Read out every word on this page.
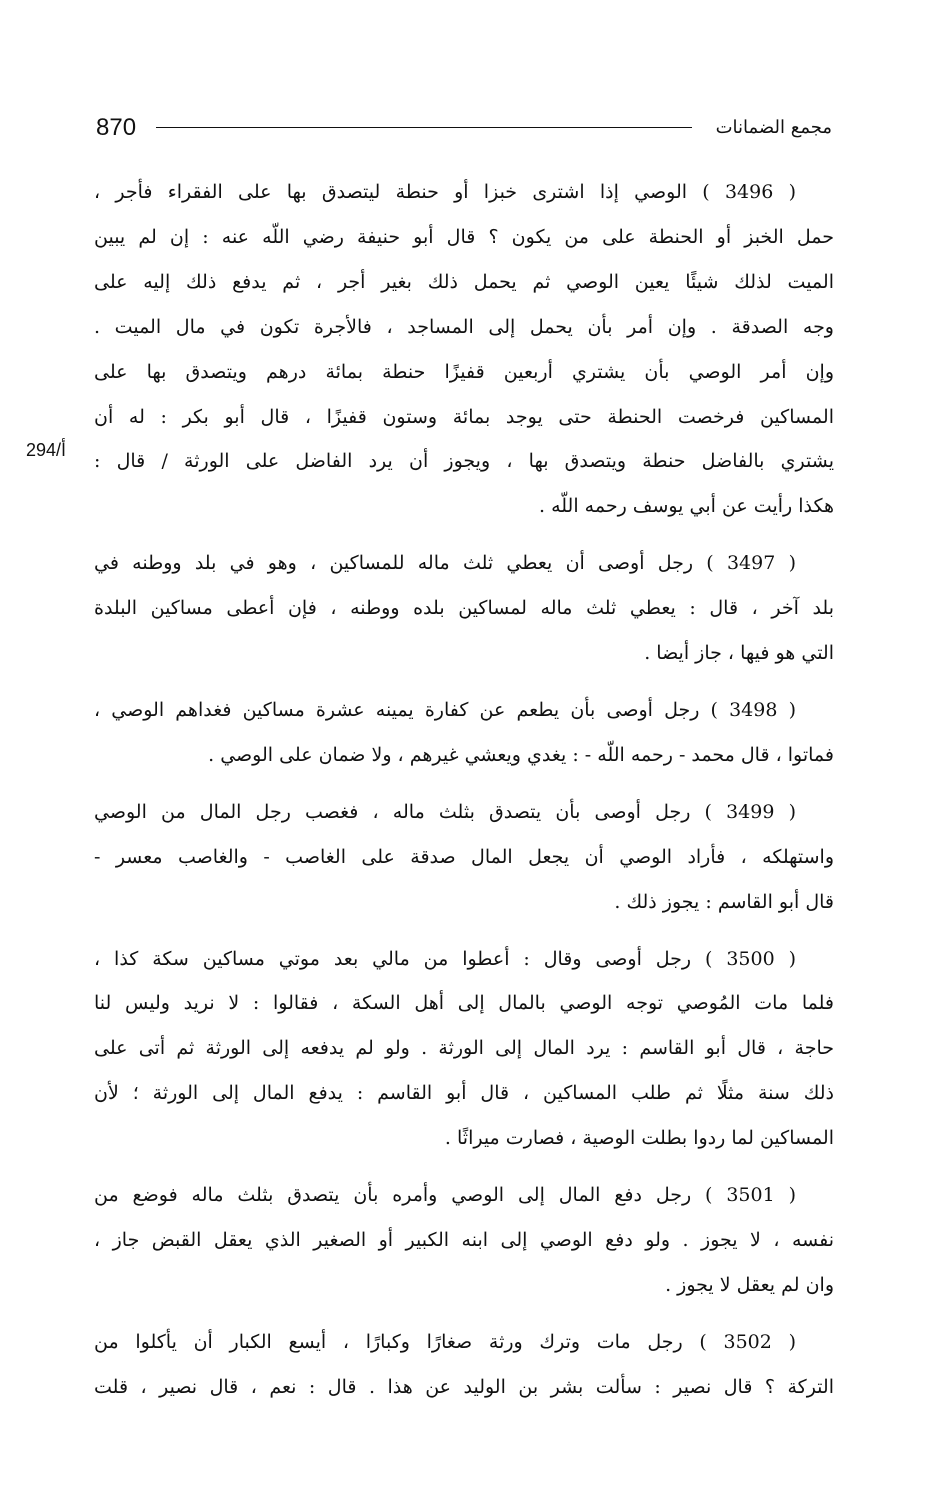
870	مجمع الضمانات
294/أ
( 3496 ) الوصي إذا اشترى خبزا أو حنطة ليتصدق بها على الفقراء فأجر ،
حمل الخبز أو الحنطة على من يكون ؟ قال أبو حنيفة رضي اللّه عنه : إن لم يبين
الميت لذلك شيئًا يعين الوصي ثم يحمل ذلك بغير أجر ، ثم يدفع ذلك إليه على
وجه الصدقة . وإن أمر بأن يحمل إلى المساجد ، فالأجرة تكون في مال الميت .
وإن أمر الوصي بأن يشتري أربعين قفيزًا حنطة بمائة درهم ويتصدق بها على
المساكين فرخصت الحنطة حتى يوجد بمائة وستون قفيزًا ، قال أبو بكر : له أن
يشتري بالفاضل حنطة ويتصدق بها ، ويجوز أن يرد الفاضل على الورثة / قال :
هكذا رأيت عن أبي يوسف رحمه اللّه .
( 3497 ) رجل أوصى أن يعطي ثلث ماله للمساكين ، وهو في بلد ووطنه في
بلد آخر ، قال : يعطي ثلث ماله لمساكين بلده ووطنه ، فإن أعطى مساكين البلدة
التي هو فيها ، جاز أيضا .
( 3498 ) رجل أوصى بأن يطعم عن كفارة يمينه عشرة مساكين فغداهم الوصي ،
فماتوا ، قال محمد - رحمه اللّه - : يغدي ويعشي غيرهم ، ولا ضمان على الوصي .
( 3499 ) رجل أوصى بأن يتصدق بثلث ماله ، فغصب رجل المال من الوصي
واستهلكه ، فأراد الوصي أن يجعل المال صدقة على الغاصب - والغاصب معسر -
قال أبو القاسم : يجوز ذلك .
( 3500 ) رجل أوصى وقال : أعطوا من مالي بعد موتي مساكين سكة كذا ،
فلما مات المُوصي توجه الوصي بالمال إلى أهل السكة ، فقالوا : لا نريد وليس لنا
حاجة ، قال أبو القاسم : يرد المال إلى الورثة . ولو لم يدفعه إلى الورثة ثم أتى على
ذلك سنة مثلًا ثم طلب المساكين ، قال أبو القاسم : يدفع المال إلى الورثة ؛ لأن
المساكين لما ردوا بطلت الوصية ، فصارت ميراثًا .
( 3501 ) رجل دفع المال إلى الوصي وأمره بأن يتصدق بثلث ماله فوضع من
نفسه ، لا يجوز . ولو دفع الوصي إلى ابنه الكبير أو الصغير الذي يعقل القبض جاز ،
وان لم يعقل لا يجوز .
( 3502 ) رجل مات وترك ورثة صغارًا وكبارًا ، أيسع الكبار أن يأكلوا من
التركة ؟ قال نصير : سألت بشر بن الوليد عن هذا . قال : نعم ، قال نصير ، قلت
